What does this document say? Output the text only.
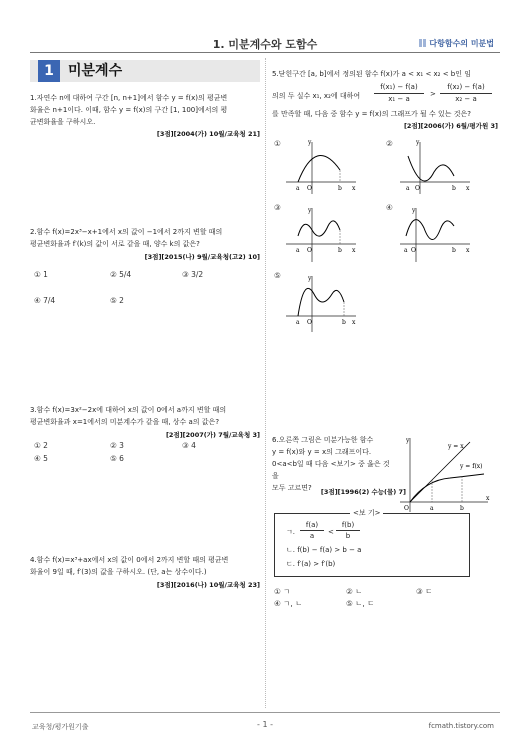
1. 미분계수와 도함수	다항함수의 미분법
1	미분계수
1.자연수 n에 대하여 구간 [n, n+1]에서 함수 y = f(x)의 평균변
화율은 n+1이다. 이때, 함수 y = f(x)의 구간 [1, 100]에서의 평
균변화율을 구하시오.
[3점][2004(가) 10월/교육청 21]
2.함수 f(x)=2x³−x+1에서 x의 값이 −1에서 2까지 변할 때의
평균변화율과 f′(k)의 값이 서로 같을 때, 양수 k의 값은?
[3점][2015(나) 9월/교육청(고2) 10]
① 1	② 5/4	③ 3/2
④ 7/4	⑤ 2
3.함수 f(x)=3x²−2x에 대하여 x의 값이 0에서 a까지 변할 때의
평균변화율과 x=1에서의 미분계수가 같을 때, 상수 a의 값은?
[2점][2007(가) 7월/교육청 3]
① 2	② 3	③ 4
④ 5	⑤ 6
4.함수 f(x)=x³+ax에서 x의 값이 0에서 2까지 변할 때의 평균변
화율이 9일 때, f′(3)의 값을 구하시오. (단, a는 상수이다.)
[3점][2016(나) 10월/교육청 23]
5.닫힌구간 [a, b]에서 정의된 함수 f(x)가 a < x₁ < x₂ < b인 임
의의 두 실수 x₁, x₂에 대하여 $\frac{\text{f(x₁) − f(a)}}{\text{x₁ − a}} > \frac{\text{f(x₂) − f(a)}}{\text{x₂ − a}}$
를 만족할 때, 다음 중 함수 y = f(x)의 그래프가 될 수 있는 것은?
[2점][2006(가) 6월/평가원 3]
①	y
x
a O	b
②	y
x
a O	b
③	y
x
a O	b
④	y
x
a O	b
⑤	y
x
a O	b
6.오른쪽 그림은 미분가능한 함수
y = f(x)와 y = x의 그래프이다.
0<a<b일 때 다음 <보기> 중 옳은 것을
모두 고르면?	[3점][1996(2) 수능(물) 7]
y
x
y = x
y = f(x)
O	a	b
<보 기>
ㄱ. $\frac{f(a)}{a} < \frac{f(b)}{b}$
ㄴ. f(b) − f(a) > b − a
ㄷ. f′(a) > f′(b)
① ㄱ	② ㄴ	③ ㄷ
④ ㄱ, ㄴ	⑤ ㄴ, ㄷ
교육청/평가원기출	- 1 -	fcmath.tistory.com
